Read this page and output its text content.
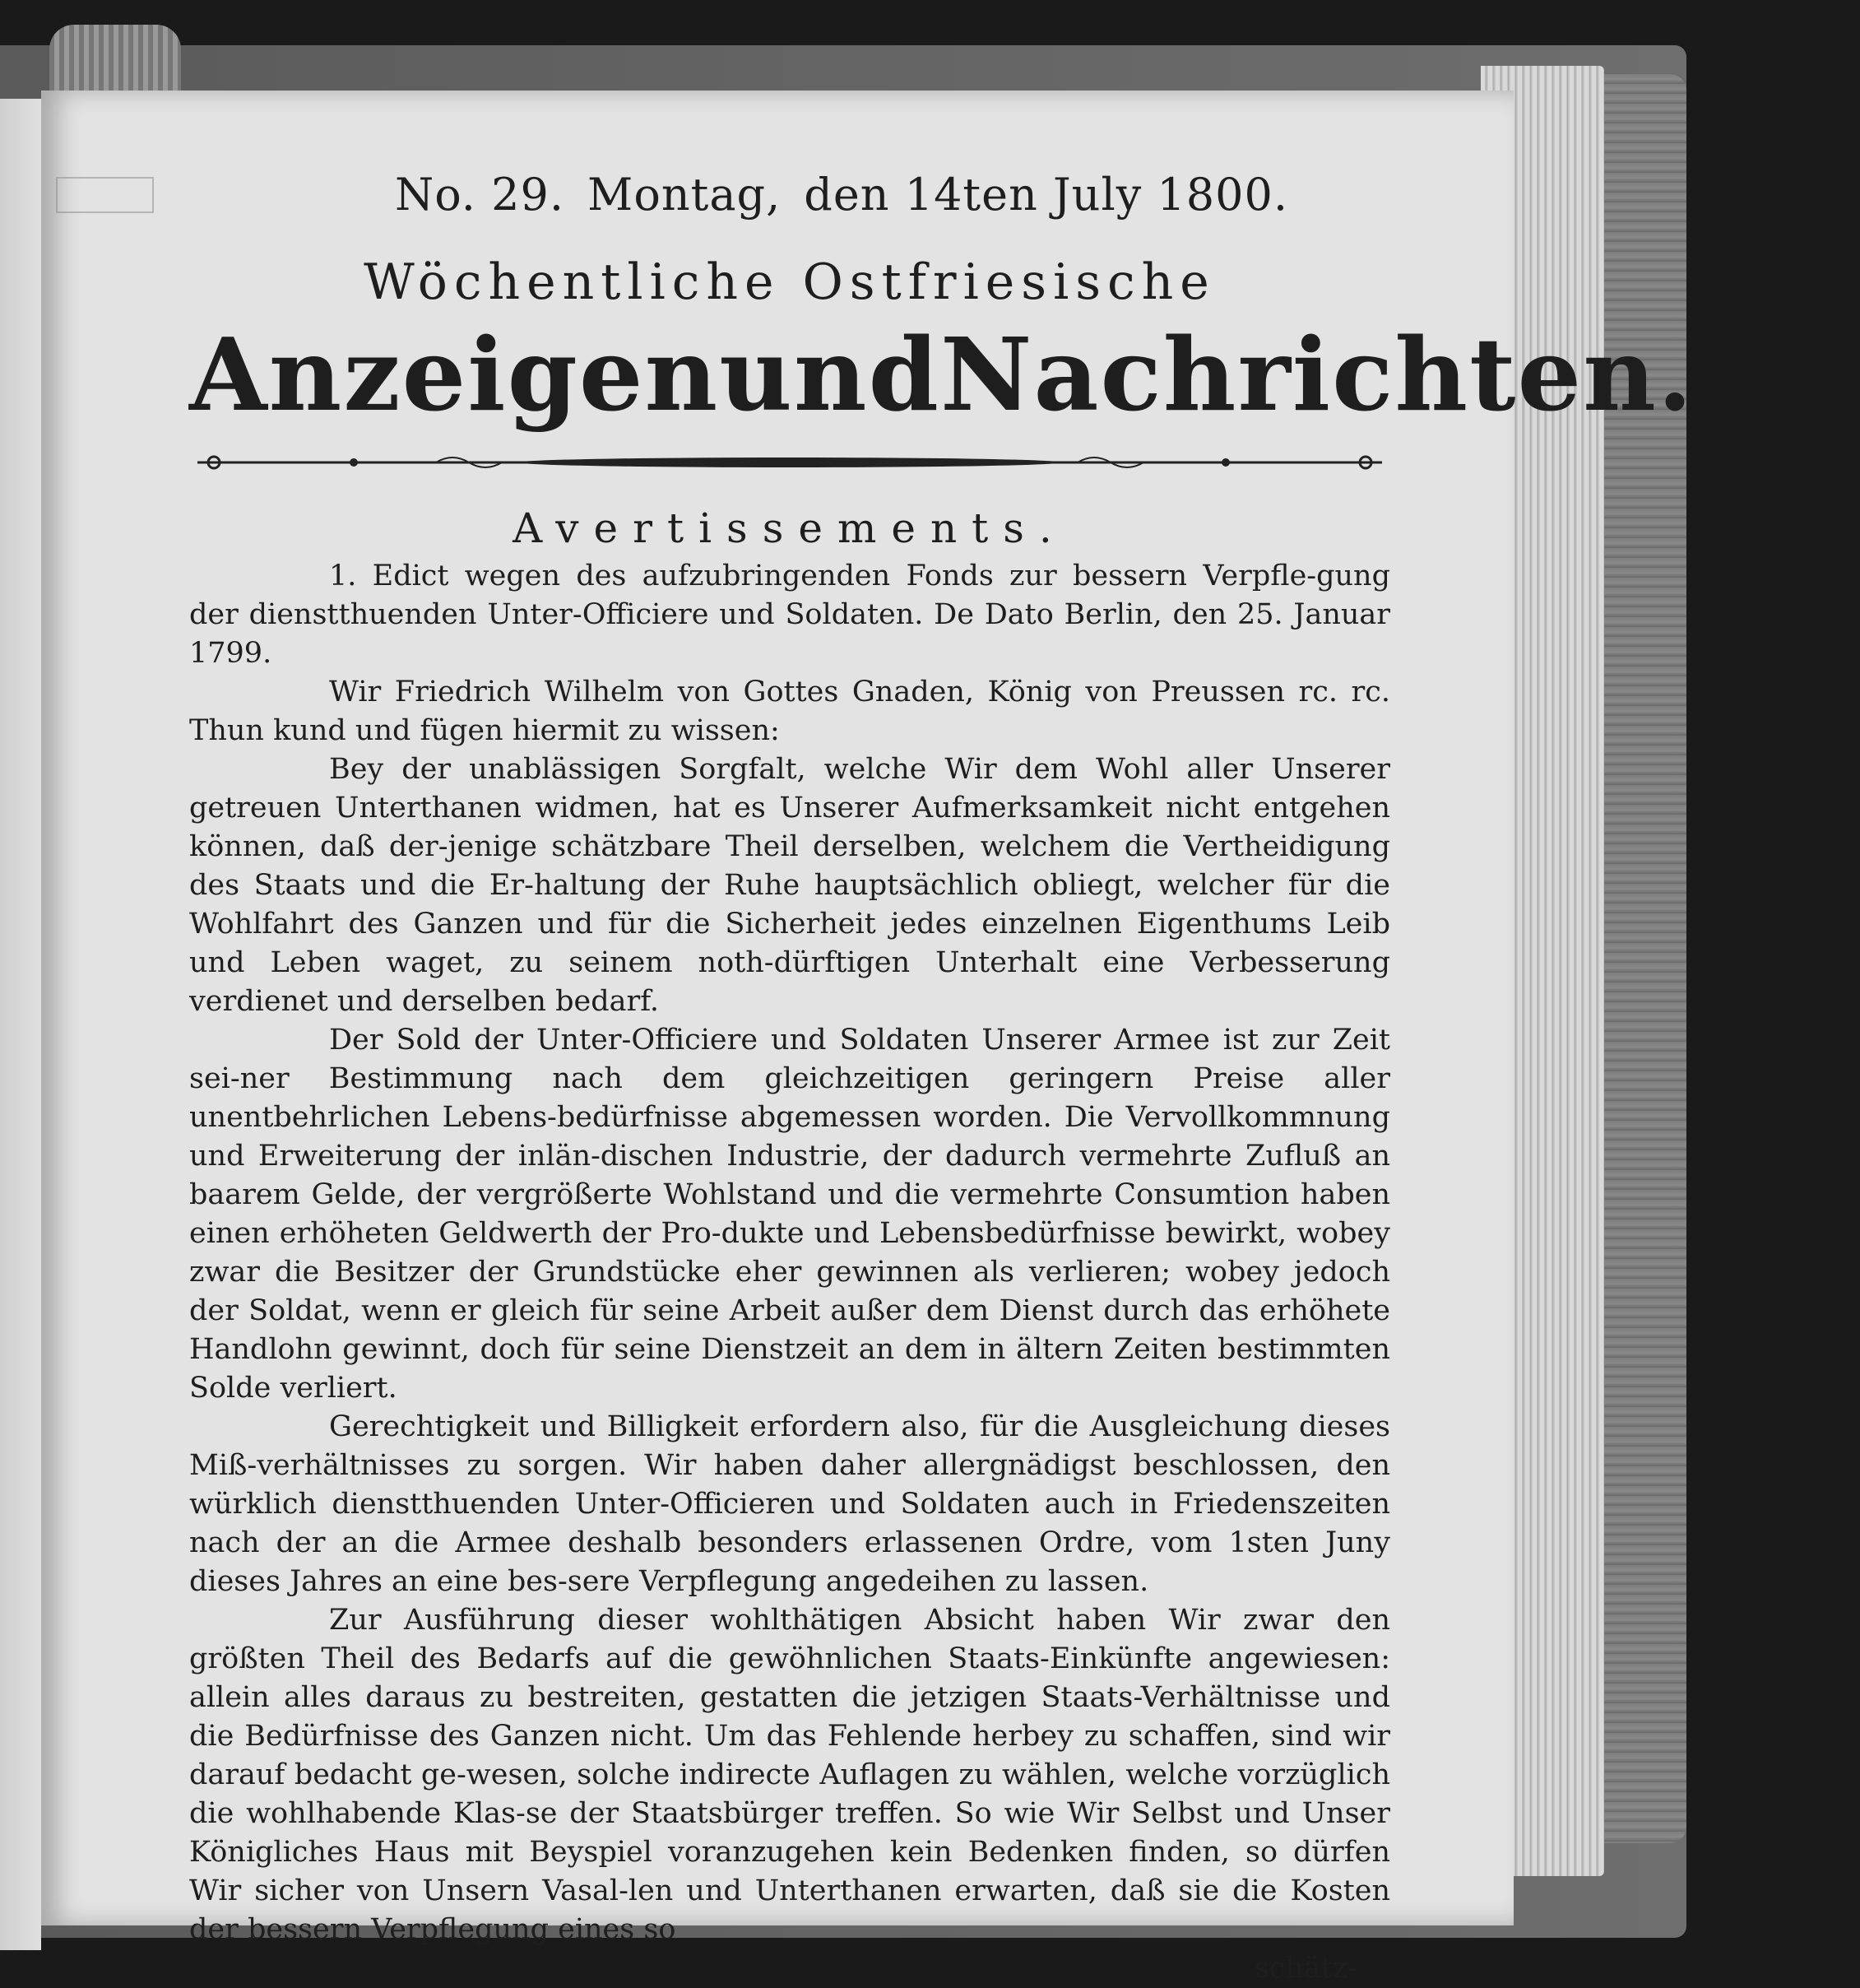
No. 29. Montag, den 14ten July 1800.
Wöchentliche Ostfriesische
Anzeigen und Nachrichten.
Avertissements.

1. Edict wegen des aufzubringenden Fonds zur bessern Verpfle-gung der dienstthuenden Unter-Officiere und Soldaten. De Dato Berlin, den 25. Januar 1799.

Wir Friedrich Wilhelm von Gottes Gnaden, König von Preussen rc. rc. Thun kund und fügen hiermit zu wissen:

Bey der unablässigen Sorgfalt, welche Wir dem Wohl aller Unserer getreuen Unterthanen widmen, hat es Unserer Aufmerksamkeit nicht entgehen können, daß der-jenige schätzbare Theil derselben, welchem die Vertheidigung des Staats und die Er-haltung der Ruhe hauptsächlich obliegt, welcher für die Wohlfahrt des Ganzen und für die Sicherheit jedes einzelnen Eigenthums Leib und Leben waget, zu seinem noth-dürftigen Unterhalt eine Verbesserung verdienet und derselben bedarf.

Der Sold der Unter-Officiere und Soldaten Unserer Armee ist zur Zeit sei-ner Bestimmung nach dem gleichzeitigen geringern Preise aller unentbehrlichen Lebens-bedürfnisse abgemessen worden. Die Vervollkommnung und Erweiterung der inlän-dischen Industrie, der dadurch vermehrte Zufluß an baarem Gelde, der vergrößerte Wohlstand und die vermehrte Consumtion haben einen erhöheten Geldwerth der Pro-dukte und Lebensbedürfnisse bewirkt, wobey zwar die Besitzer der Grundstücke eher gewinnen als verlieren; wobey jedoch der Soldat, wenn er gleich für seine Arbeit außer dem Dienst durch das erhöhete Handlohn gewinnt, doch für seine Dienstzeit an dem in ältern Zeiten bestimmten Solde verliert.

Gerechtigkeit und Billigkeit erfordern also, für die Ausgleichung dieses Miß-verhältnisses zu sorgen. Wir haben daher allergnädigst beschlossen, den würklich dienstthuenden Unter-Officieren und Soldaten auch in Friedenszeiten nach der an die Armee deshalb besonders erlassenen Ordre, vom 1sten Juny dieses Jahres an eine bes-sere Verpflegung angedeihen zu lassen.

Zur Ausführung dieser wohlthätigen Absicht haben Wir zwar den größten Theil des Bedarfs auf die gewöhnlichen Staats-Einkünfte angewiesen: allein alles daraus zu bestreiten, gestatten die jetzigen Staats-Verhältnisse und die Bedürfnisse des Ganzen nicht. Um das Fehlende herbey zu schaffen, sind wir darauf bedacht ge-wesen, solche indirecte Auflagen zu wählen, welche vorzüglich die wohlhabende Klas-se der Staatsbürger treffen. So wie Wir Selbst und Unser Königliches Haus mit Beyspiel voranzugehen kein Bedenken finden, so dürfen Wir sicher von Unsern Vasal-len und Unterthanen erwarten, daß sie die Kosten der bessern Verpflegung eines so

schätz-
